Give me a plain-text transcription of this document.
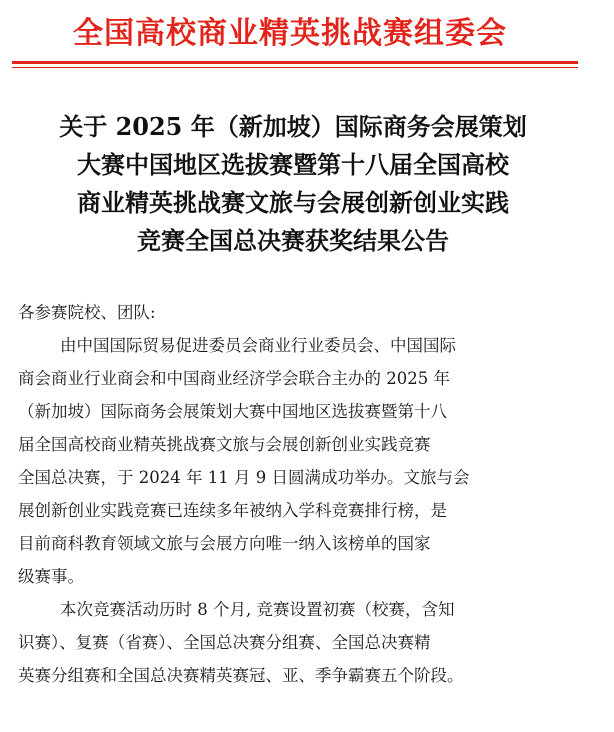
全国高校商业精英挑战赛组委会
关于 2025 年（新加坡）国际商务会展策划
大赛中国地区选拔赛暨第十八届全国高校
商业精英挑战赛文旅与会展创新创业实践
竞赛全国总决赛获奖结果公告
各参赛院校、团队:
由中国国际贸易促进委员会商业行业委员会、中国国际
商会商业行业商会和中国商业经济学会联合主办的 2025 年
（新加坡）国际商务会展策划大赛中国地区选拔赛暨第十八
届全国高校商业精英挑战赛文旅与会展创新创业实践竞赛
全国总决赛，于 2024 年 11 月 9 日圆满成功举办。文旅与会
展创新创业实践竞赛已连续多年被纳入学科竞赛排行榜，是
目前商科教育领域文旅与会展方向唯一纳入该榜单的国家
级赛事。
本次竞赛活动历时 8 个月, 竞赛设置初赛（校赛，含知
识赛）、复赛（省赛）、全国总决赛分组赛、全国总决赛精
英赛分组赛和全国总决赛精英赛冠、亚、季争霸赛五个阶段。
